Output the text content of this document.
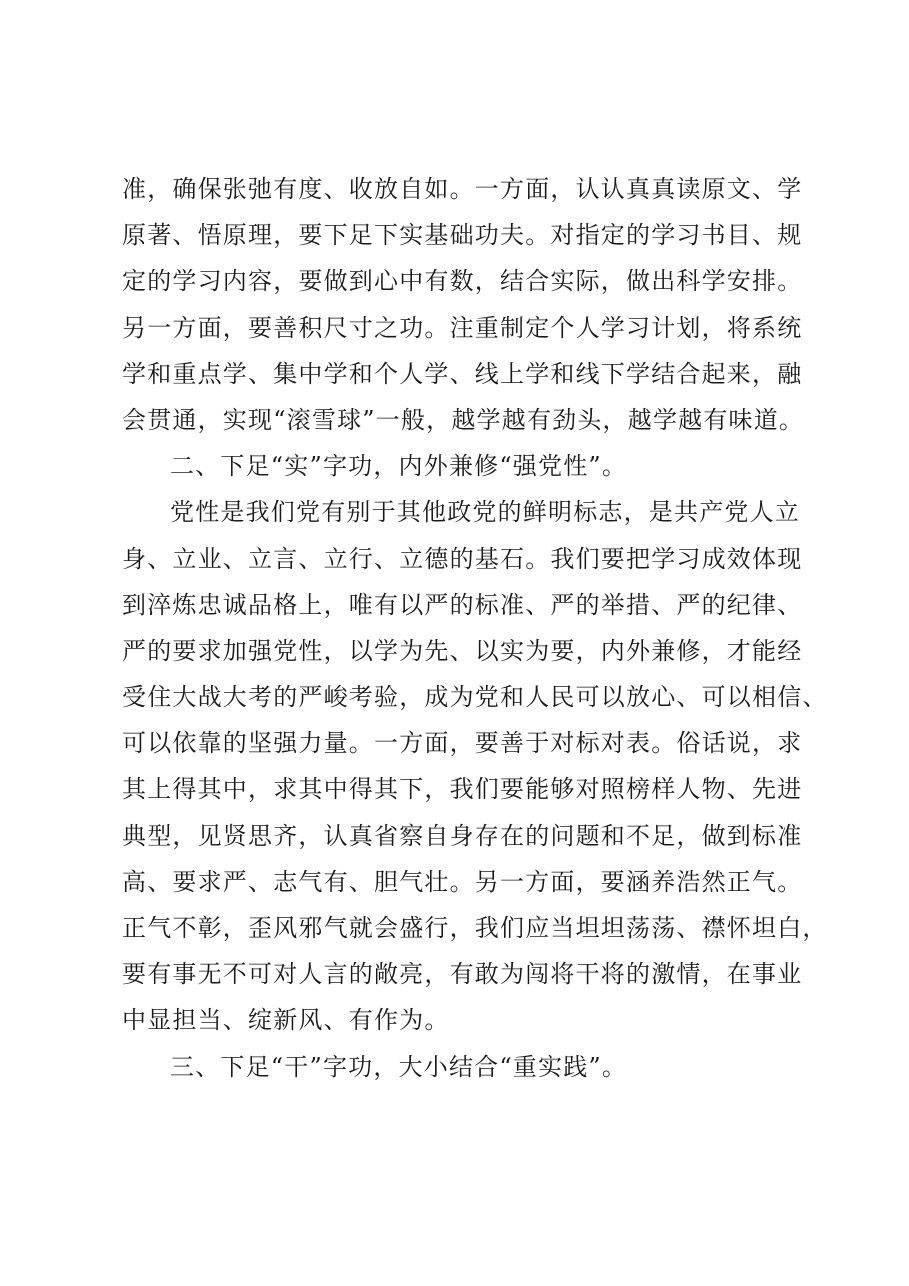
准，确保张弛有度、收放自如。一方面，认认真真读原文、学
原著、悟原理，要下足下实基础功夫。对指定的学习书目、规
定的学习内容，要做到心中有数，结合实际，做出科学安排。
另一方面，要善积尺寸之功。注重制定个人学习计划，将系统
学和重点学、集中学和个人学、线上学和线下学结合起来，融
会贯通，实现“滚雪球”一般，越学越有劲头，越学越有味道。
二、下足“实”字功，内外兼修“强党性”。
党性是我们党有别于其他政党的鲜明标志，是共产党人立
身、立业、立言、立行、立德的基石。我们要把学习成效体现
到淬炼忠诚品格上，唯有以严的标准、严的举措、严的纪律、
严的要求加强党性，以学为先、以实为要，内外兼修，才能经
受住大战大考的严峻考验，成为党和人民可以放心、可以相信、
可以依靠的坚强力量。一方面，要善于对标对表。俗话说，求
其上得其中，求其中得其下，我们要能够对照榜样人物、先进
典型，见贤思齐，认真省察自身存在的问题和不足，做到标准
高、要求严、志气有、胆气壮。另一方面，要涵养浩然正气。
正气不彰，歪风邪气就会盛行，我们应当坦坦荡荡、襟怀坦白，
要有事无不可对人言的敞亮，有敢为闯将干将的激情，在事业
中显担当、绽新风、有作为。
三、下足“干”字功，大小结合“重实践”。
